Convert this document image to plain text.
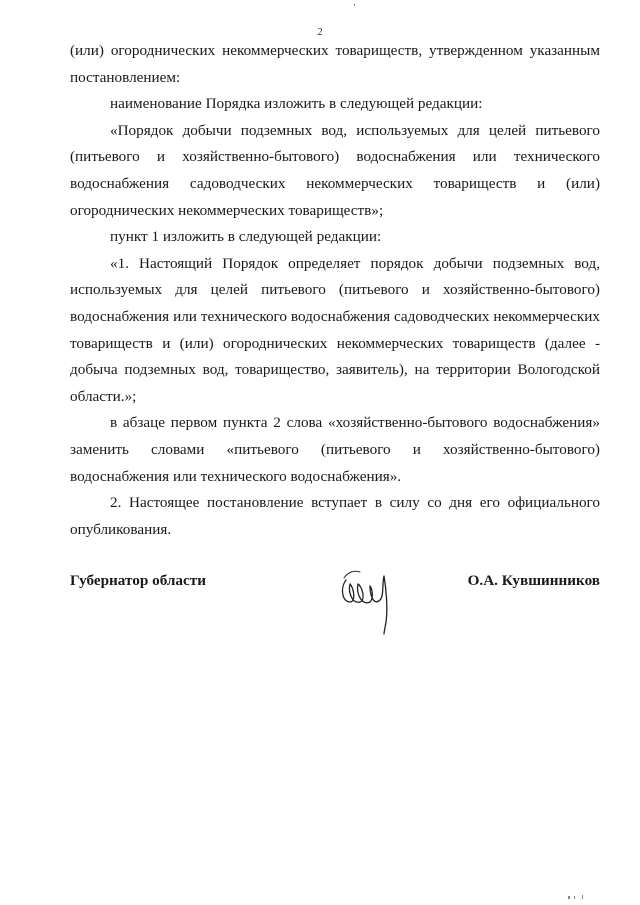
2

(или) огороднических некоммерческих товариществ, утвержденном указанным постановлением:

наименование Порядка изложить в следующей редакции:

«Порядок добычи подземных вод, используемых для целей питьевого (питьевого и хозяйственно-бытового) водоснабжения или технического водоснабжения садоводческих некоммерческих товариществ и (или) огороднических некоммерческих товариществ»;

пункт 1 изложить в следующей редакции:

«1. Настоящий Порядок определяет порядок добычи подземных вод, используемых для целей питьевого (питьевого и хозяйственно-бытового) водоснабжения или технического водоснабжения садоводческих некоммерческих товариществ и (или) огороднических некоммерческих товариществ (далее - добыча подземных вод, товарищество, заявитель), на территории Вологодской области.»;

в абзаце первом пункта 2 слова «хозяйственно-бытового водоснабжения» заменить словами «питьевого (питьевого и хозяйственно-бытового) водоснабжения или технического водоснабжения».

2. Настоящее постановление вступает в силу со дня его официального опубликования.

Губернатор области	О.А. Кувшинников
